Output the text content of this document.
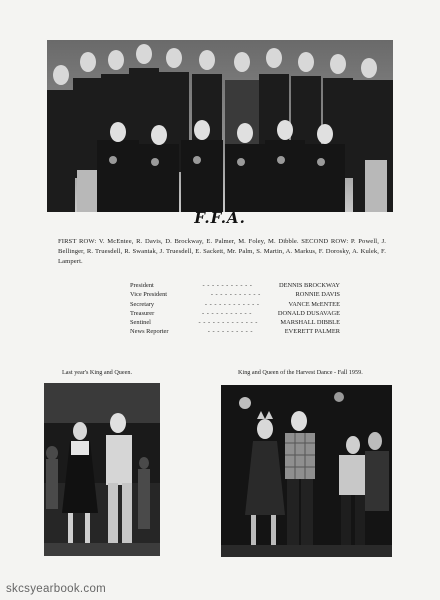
F.F.A.
FIRST ROW: V. McEntee, R. Davis, D. Brockway, E. Palmer, M. Foley, M. Dibble. SECOND ROW: P. Powell, J. Bellinger, R. Truesdell, R. Swantak, J. Truesdell, E. Sackett, Mr. Palm, S. Martin, A. Markus, F. Dorosky, A. Kulek, F. Lampert.
President	- - - - - - - - - - -	DENNIS BROCKWAY
Vice President	- - - - - - - - - - -	RONNIE DAVIS
Secretary	- - - - - - - - - - - -	VANCE McENTEE
Treasurer	- - - - - - - - - - -	DONALD DUSAVAGE
Sentinel	- - - - - - - - - - - - -	MARSHALL DIBBLE
News Reporter	- - - - - - - - - -	EVERETT PALMER
Last year's King and Queen.	King and Queen of the Harvest Dance - Fall 1959.
skcsyearbook.com
